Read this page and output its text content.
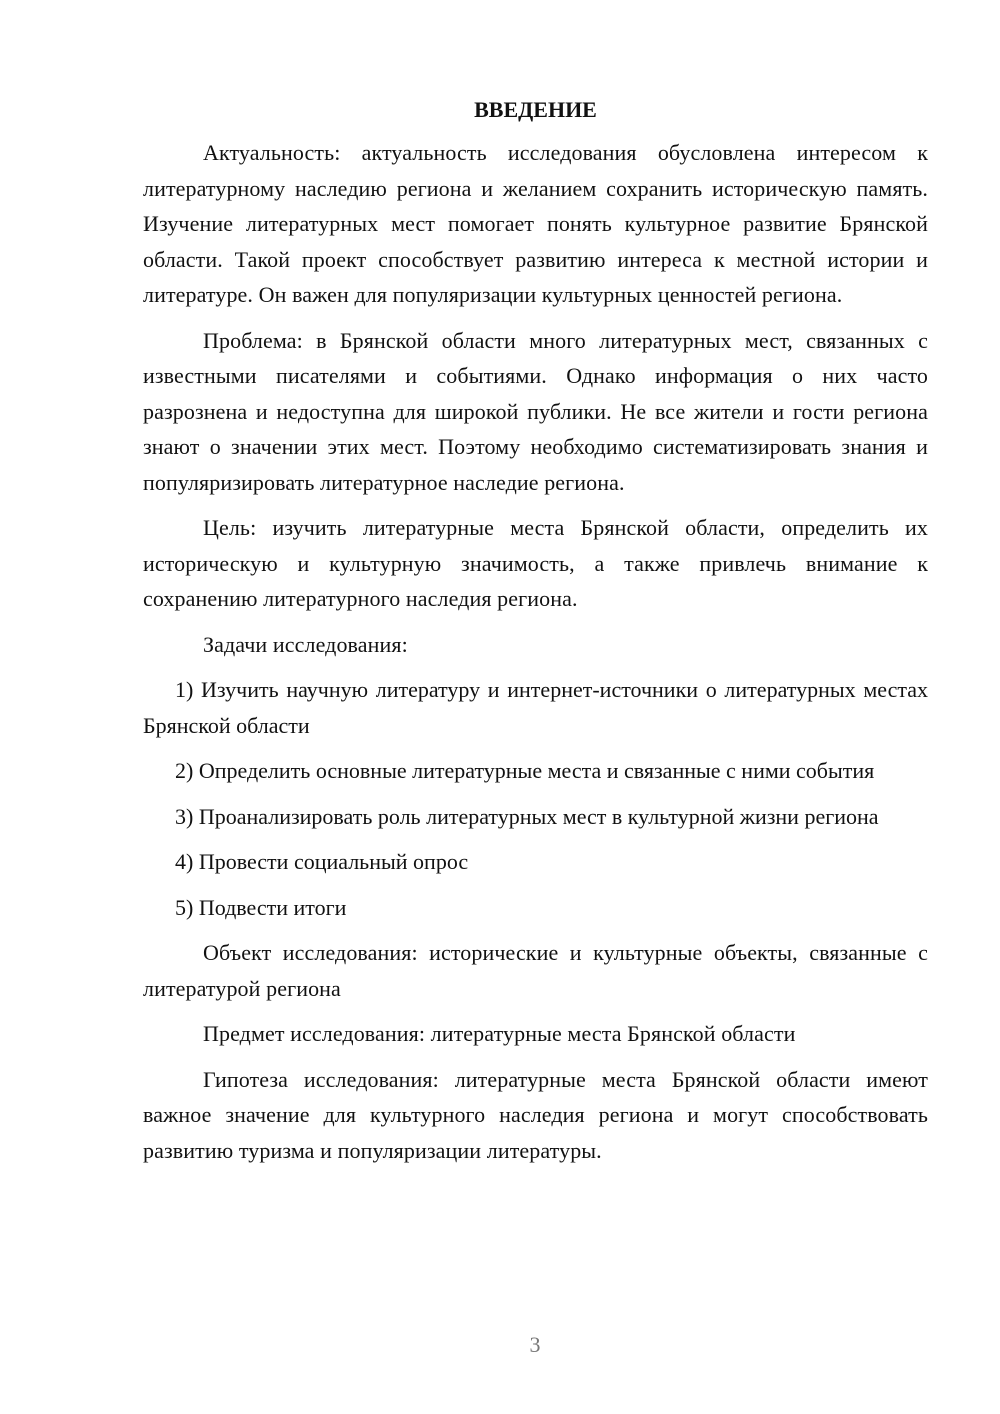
ВВЕДЕНИЕ

Актуальность: актуальность исследования обусловлена интересом к литературному наследию региона и желанием сохранить историческую память. Изучение литературных мест помогает понять культурное развитие Брянской области. Такой проект способствует развитию интереса к местной истории и литературе. Он важен для популяризации культурных ценностей региона.

Проблема: в Брянской области много литературных мест, связанных с известными писателями и событиями. Однако информация о них часто разрознена и недоступна для широкой публики. Не все жители и гости региона знают о значении этих мест. Поэтому необходимо систематизировать знания и популяризировать литературное наследие региона.

Цель: изучить литературные места Брянской области, определить их историческую и культурную значимость, а также привлечь внимание к сохранению литературного наследия региона.

Задачи исследования:

1) Изучить научную литературу и интернет-источники о литературных местах Брянской области

2) Определить основные литературные места и связанные с ними события

3) Проанализировать роль литературных мест в культурной жизни региона

4) Провести социальный опрос

5) Подвести итоги

Объект исследования: исторические и культурные объекты, связанные с литературой региона

Предмет исследования: литературные места Брянской области

Гипотеза исследования: литературные места Брянской области имеют важное значение для культурного наследия региона и могут способствовать развитию туризма и популяризации литературы.

3
